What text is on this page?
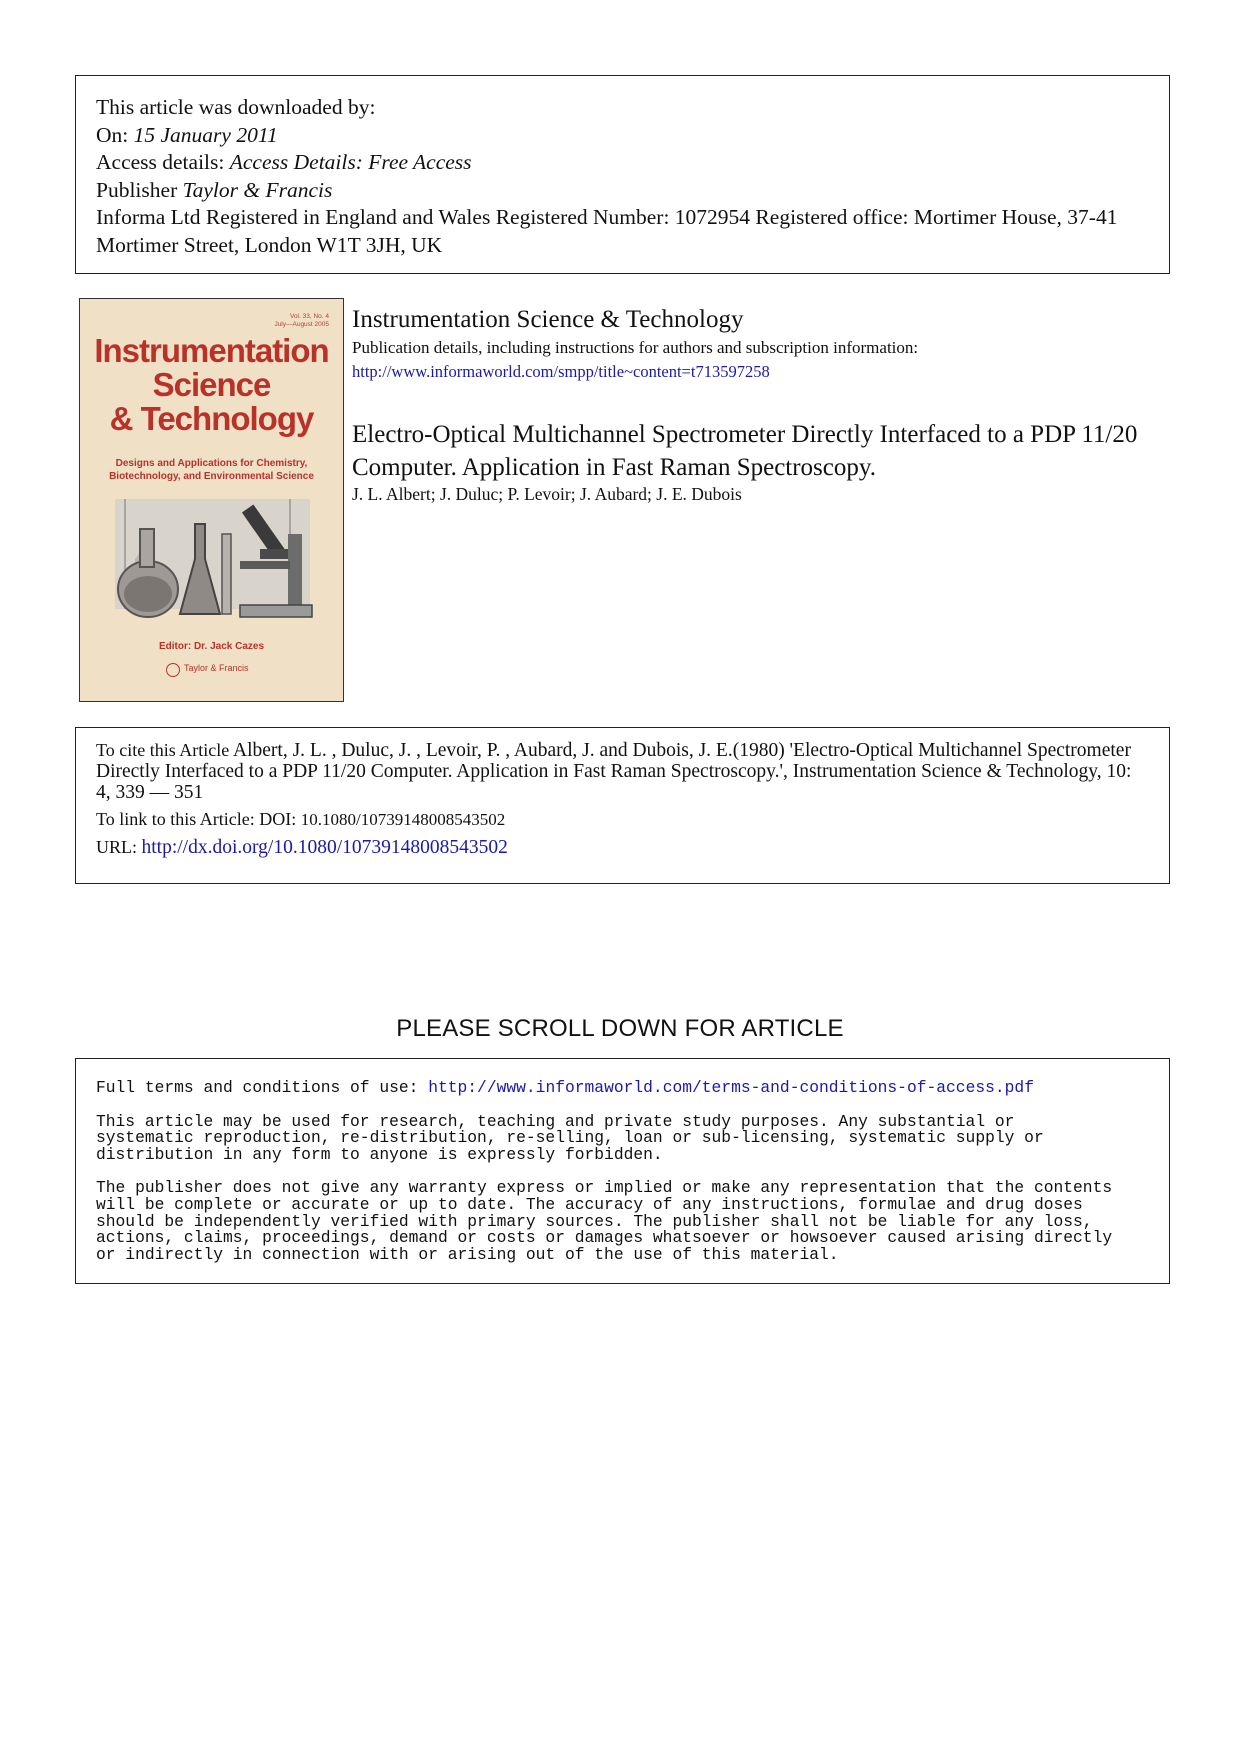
This article was downloaded by:
On: 15 January 2011
Access details: Access Details: Free Access
Publisher Taylor & Francis
Informa Ltd Registered in England and Wales Registered Number: 1072954 Registered office: Mortimer House, 37-41 Mortimer Street, London W1T 3JH, UK
Vol. 33, No. 4
July—August 2005
Instrumentation
Science
& Technology
Designs and Applications for Chemistry,
Biotechnology, and Environmental Science
Editor: Dr. Jack Cazes
Taylor & Francis
Instrumentation Science & Technology
Publication details, including instructions for authors and subscription information:
http://www.informaworld.com/smpp/title~content=t713597258
Electro-Optical Multichannel Spectrometer Directly Interfaced to a PDP 11/20 Computer. Application in Fast Raman Spectroscopy.
J. L. Albert; J. Duluc; P. Levoir; J. Aubard; J. E. Dubois
To cite this Article Albert, J. L. , Duluc, J. , Levoir, P. , Aubard, J. and Dubois, J. E.(1980) 'Electro-Optical Multichannel Spectrometer Directly Interfaced to a PDP 11/20 Computer. Application in Fast Raman Spectroscopy.', Instrumentation Science & Technology, 10: 4, 339 — 351
To link to this Article: DOI: 10.1080/10739148008543502
URL: http://dx.doi.org/10.1080/10739148008543502
PLEASE SCROLL DOWN FOR ARTICLE
Full terms and conditions of use: http://www.informaworld.com/terms-and-conditions-of-access.pdf
This article may be used for research, teaching and private study purposes. Any substantial or
systematic reproduction, re-distribution, re-selling, loan or sub-licensing, systematic supply or
distribution in any form to anyone is expressly forbidden.
The publisher does not give any warranty express or implied or make any representation that the contents
will be complete or accurate or up to date. The accuracy of any instructions, formulae and drug doses
should be independently verified with primary sources. The publisher shall not be liable for any loss,
actions, claims, proceedings, demand or costs or damages whatsoever or howsoever caused arising directly
or indirectly in connection with or arising out of the use of this material.
